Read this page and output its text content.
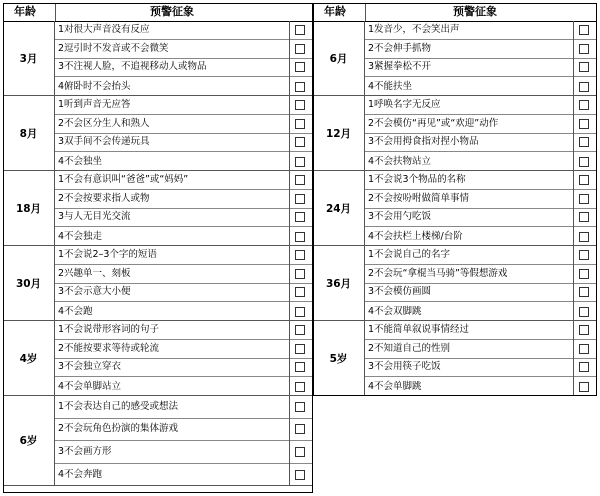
年龄	预警征象	年龄	预警征象
3月
1对很大声音没有反应
2逗引时不发音或不会微笑
3不注视人脸，不追视移动人或物品
4俯卧时不会抬头
6月
1发音少，不会笑出声
2不会伸手抓物
3紧握拳松不开
4不能扶坐
8月
1听到声音无应答
2不会区分生人和熟人
3双手间不会传递玩具
4不会独坐
12月
1呼唤名字无反应
2不会模仿“再见”或“欢迎”动作
3不会用拇食指对捏小物品
4不会扶物站立
18月
1不会有意识叫“爸爸”或“妈妈”
2不会按要求指人或物
3与人无目光交流
4不会独走
24月
1不会说3个物品的名称
2不会按吩咐做简单事情
3不会用勺吃饭
4不会扶栏上楼梯/台阶
30月
1不会说2–3个字的短语
2兴趣单一、刻板
3不会示意大小便
4不会跑
36月
1不会说自己的名字
2不会玩“拿棍当马骑”等假想游戏
3不会模仿画圆
4不会双脚跳
4岁
1不会说带形容词的句子
2不能按要求等待或轮流
3不会独立穿衣
4不会单脚站立
5岁
1不能简单叙说事情经过
2不知道自己的性别
3不会用筷子吃饭
4不会单脚跳
6岁
1不会表达自己的感受或想法
2不会玩角色扮演的集体游戏
3不会画方形
4不会奔跑
